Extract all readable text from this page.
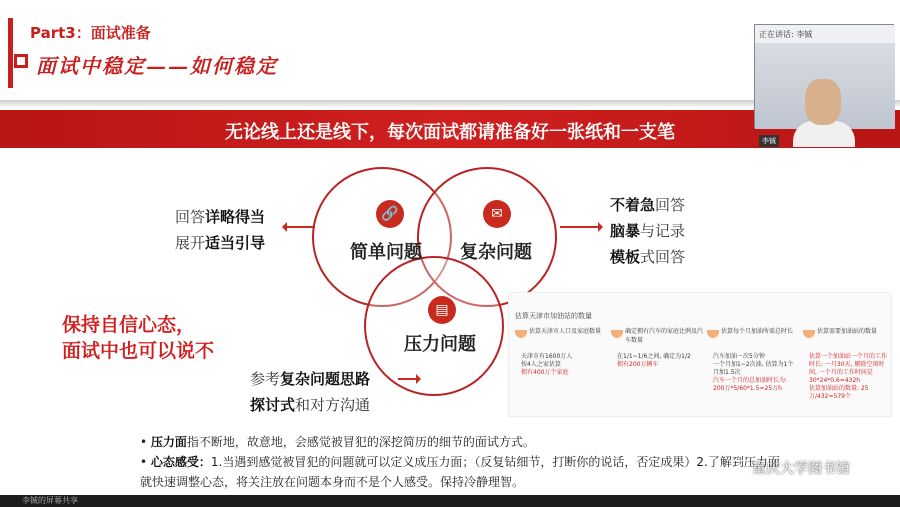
Part3：面试准备
面试中稳定——如何稳定
无论线上还是线下，每次面试都请准备好一张纸和一支笔
🔗	✉
▤
简单问题 复杂问题
压力问题
回答详略得当
展开适当引导
不着急回答
脑暴与记录
模板式回答
保持自信心态，
面试中也可以说不
参考复杂问题思路
探讨式和对方沟通
估算天津市加油站的数量
估算天津市人口及家庭数量
天津市有1600万人
按4人之家估算
拥有400万个家庭
确定拥有汽车的家庭比例及汽车数量
在1/1~1/6之间, 确定为1/2
拥有200万辆车
估算每个月加油所需总时长
汽车加油一次5分钟
一个月加1~2次油, 估算为1个月加1.5次
汽车一个月的总加油时长为: 200万*5/60*1.5≈25万h
估算需要加油站的数量
估算一个加油站一个月的工作时长: 一月30天, 剔除空闲时间, 一个月的工作时间是30*24*0.6=432h
估算加油站的数量: 25万/432≈579个
• 压力面指不断地，故意地，会感觉被冒犯的深挖简历的细节的面试方式。
• 心态感受：1.当遇到感觉被冒犯的问题就可以定义成压力面；（反复钻细节，打断你的说话，否定成果）2.了解到压力面就快速调整心态，将关注放在问题本身而不是个人感受。保持冷静理智。
重庆大学图书馆
正在讲话: 李铖
李铖
李铖的屏幕共享
